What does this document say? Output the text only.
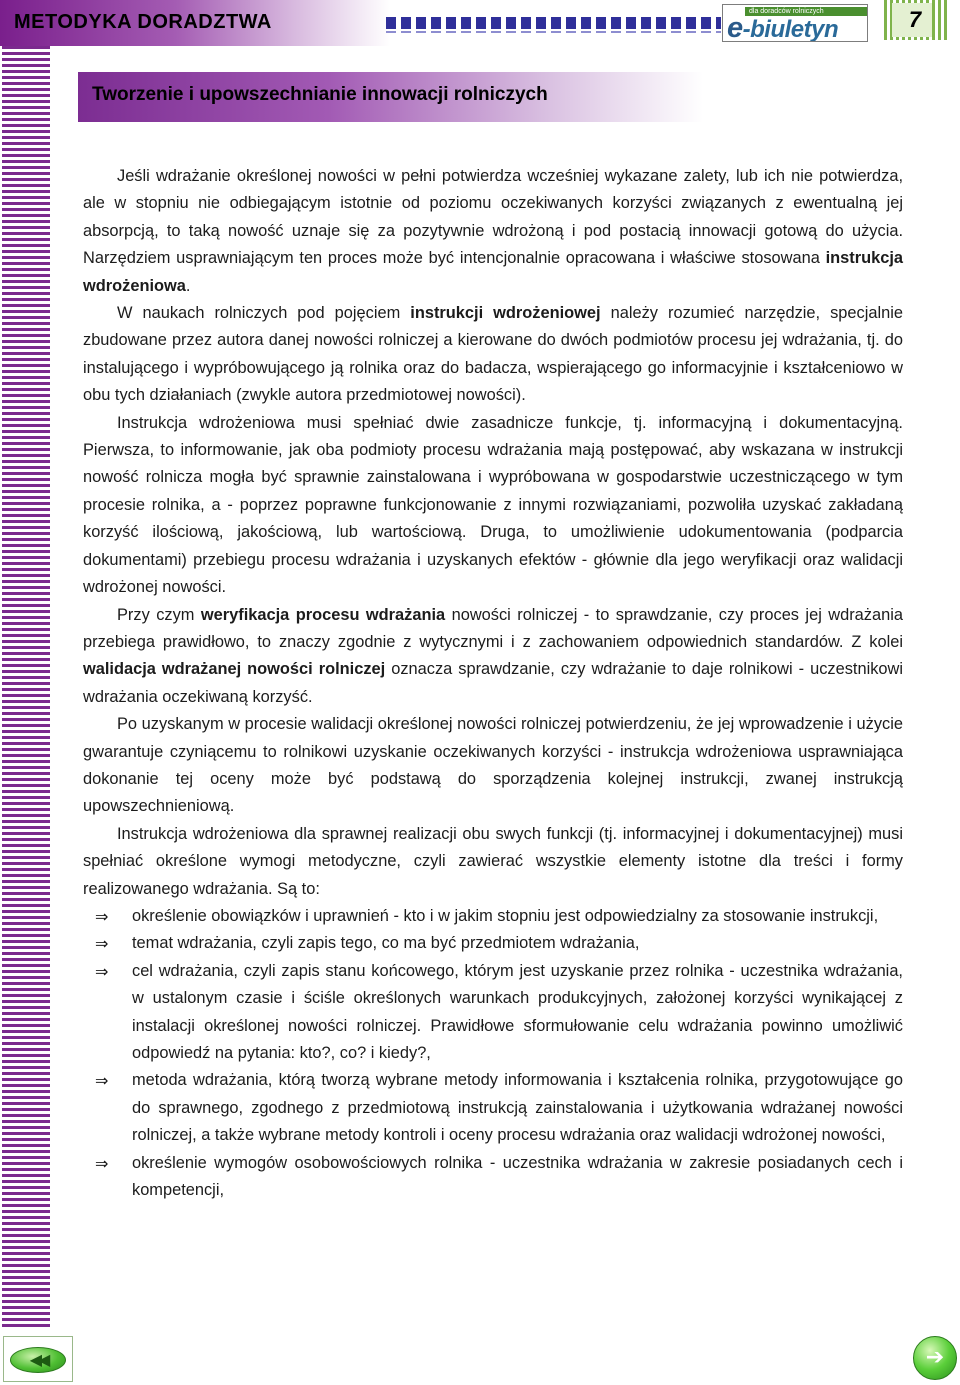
METODYKA DORADZTWA	dla doradców rolniczych
e-biuletyn	7
Tworzenie i upowszechnianie innowacji rolniczych

Jeśli wdrażanie określonej nowości w pełni potwierdza wcześniej wykazane zalety, lub ich nie potwierdza, ale w stopniu nie odbiegającym istotnie od poziomu oczekiwanych korzyści związanych z ewentualną jej absorpcją, to taką nowość uznaje się za pozytywnie wdrożoną i pod postacią innowacji gotową do użycia. Narzędziem usprawniającym ten proces może być intencjonalnie opracowana i właściwe stosowana instrukcja wdrożeniowa.

W naukach rolniczych pod pojęciem instrukcji wdrożeniowej należy rozumieć narzędzie, specjalnie zbudowane przez autora danej nowości rolniczej a kierowane do dwóch podmiotów procesu jej wdrażania, tj. do instalującego i wypróbowującego ją rolnika oraz do badacza, wspierającego go informacyjnie i kształceniowo w obu tych działaniach (zwykle autora przedmiotowej nowości).

Instrukcja wdrożeniowa musi spełniać dwie zasadnicze funkcje, tj. informacyjną i dokumentacyjną. Pierwsza, to informowanie, jak oba podmioty procesu wdrażania mają postępować, aby wskazana w instrukcji nowość rolnicza mogła być sprawnie zainstalowana i wypróbowana w gospodarstwie uczestniczącego w tym procesie rolnika, a - poprzez poprawne funkcjonowanie z innymi rozwiązaniami, pozwoliła uzyskać zakładaną korzyść ilościową, jakościową, lub wartościową. Druga, to umożliwienie udokumentowania (podparcia dokumentami) przebiegu procesu wdrażania i uzyskanych efektów - głównie dla jego weryfikacji oraz walidacji wdrożonej nowości.

Przy czym weryfikacja procesu wdrażania nowości rolniczej - to sprawdzanie, czy proces jej wdrażania przebiega prawidłowo, to znaczy zgodnie z wytycznymi i z zachowaniem odpowiednich standardów. Z kolei walidacja wdrażanej nowości rolniczej oznacza sprawdzanie, czy wdrażanie to daje rolnikowi - uczestnikowi wdrażania oczekiwaną korzyść.

Po uzyskanym w procesie walidacji określonej nowości rolniczej potwierdzeniu, że jej wprowadzenie i użycie gwarantuje czyniącemu to rolnikowi uzyskanie oczekiwanych korzyści - instrukcja wdrożeniowa usprawniająca dokonanie tej oceny może być podstawą do sporządzenia kolejnej instrukcji, zwanej instrukcją upowszechnieniową.

Instrukcja wdrożeniowa dla sprawnej realizacji obu swych funkcji (tj. informacyjnej i dokumentacyjnej) musi spełniać określone wymogi metodyczne, czyli zawierać wszystkie elementy istotne dla treści i formy realizowanego wdrażania. Są to:

⇒ określenie obowiązków i uprawnień - kto i w jakim stopniu jest odpowiedzialny za stosowanie instrukcji,
⇒ temat wdrażania, czyli zapis tego, co ma być przedmiotem wdrażania,
⇒ cel wdrażania, czyli zapis stanu końcowego, którym jest uzyskanie przez rolnika - uczestnika wdrażania, w ustalonym czasie i ściśle określonych warunkach produkcyjnych, założonej korzyści wynikającej z instalacji określonej nowości rolniczej. Prawidłowe sformułowanie celu wdrażania powinno umożliwić odpowiedź na pytania: kto?, co? i kiedy?,
⇒ metoda wdrażania, którą tworzą wybrane metody informowania i kształcenia rolnika, przygotowujące go do sprawnego, zgodnego z przedmiotową instrukcją zainstalowania i użytkowania wdrażanej nowości rolniczej, a także wybrane metody kontroli i oceny procesu wdrażania oraz walidacji wdrożonej nowości,
⇒ określenie wymogów osobowościowych rolnika - uczestnika wdrażania w zakresie posiadanych cech i kompetencji,
◀◀	➔
